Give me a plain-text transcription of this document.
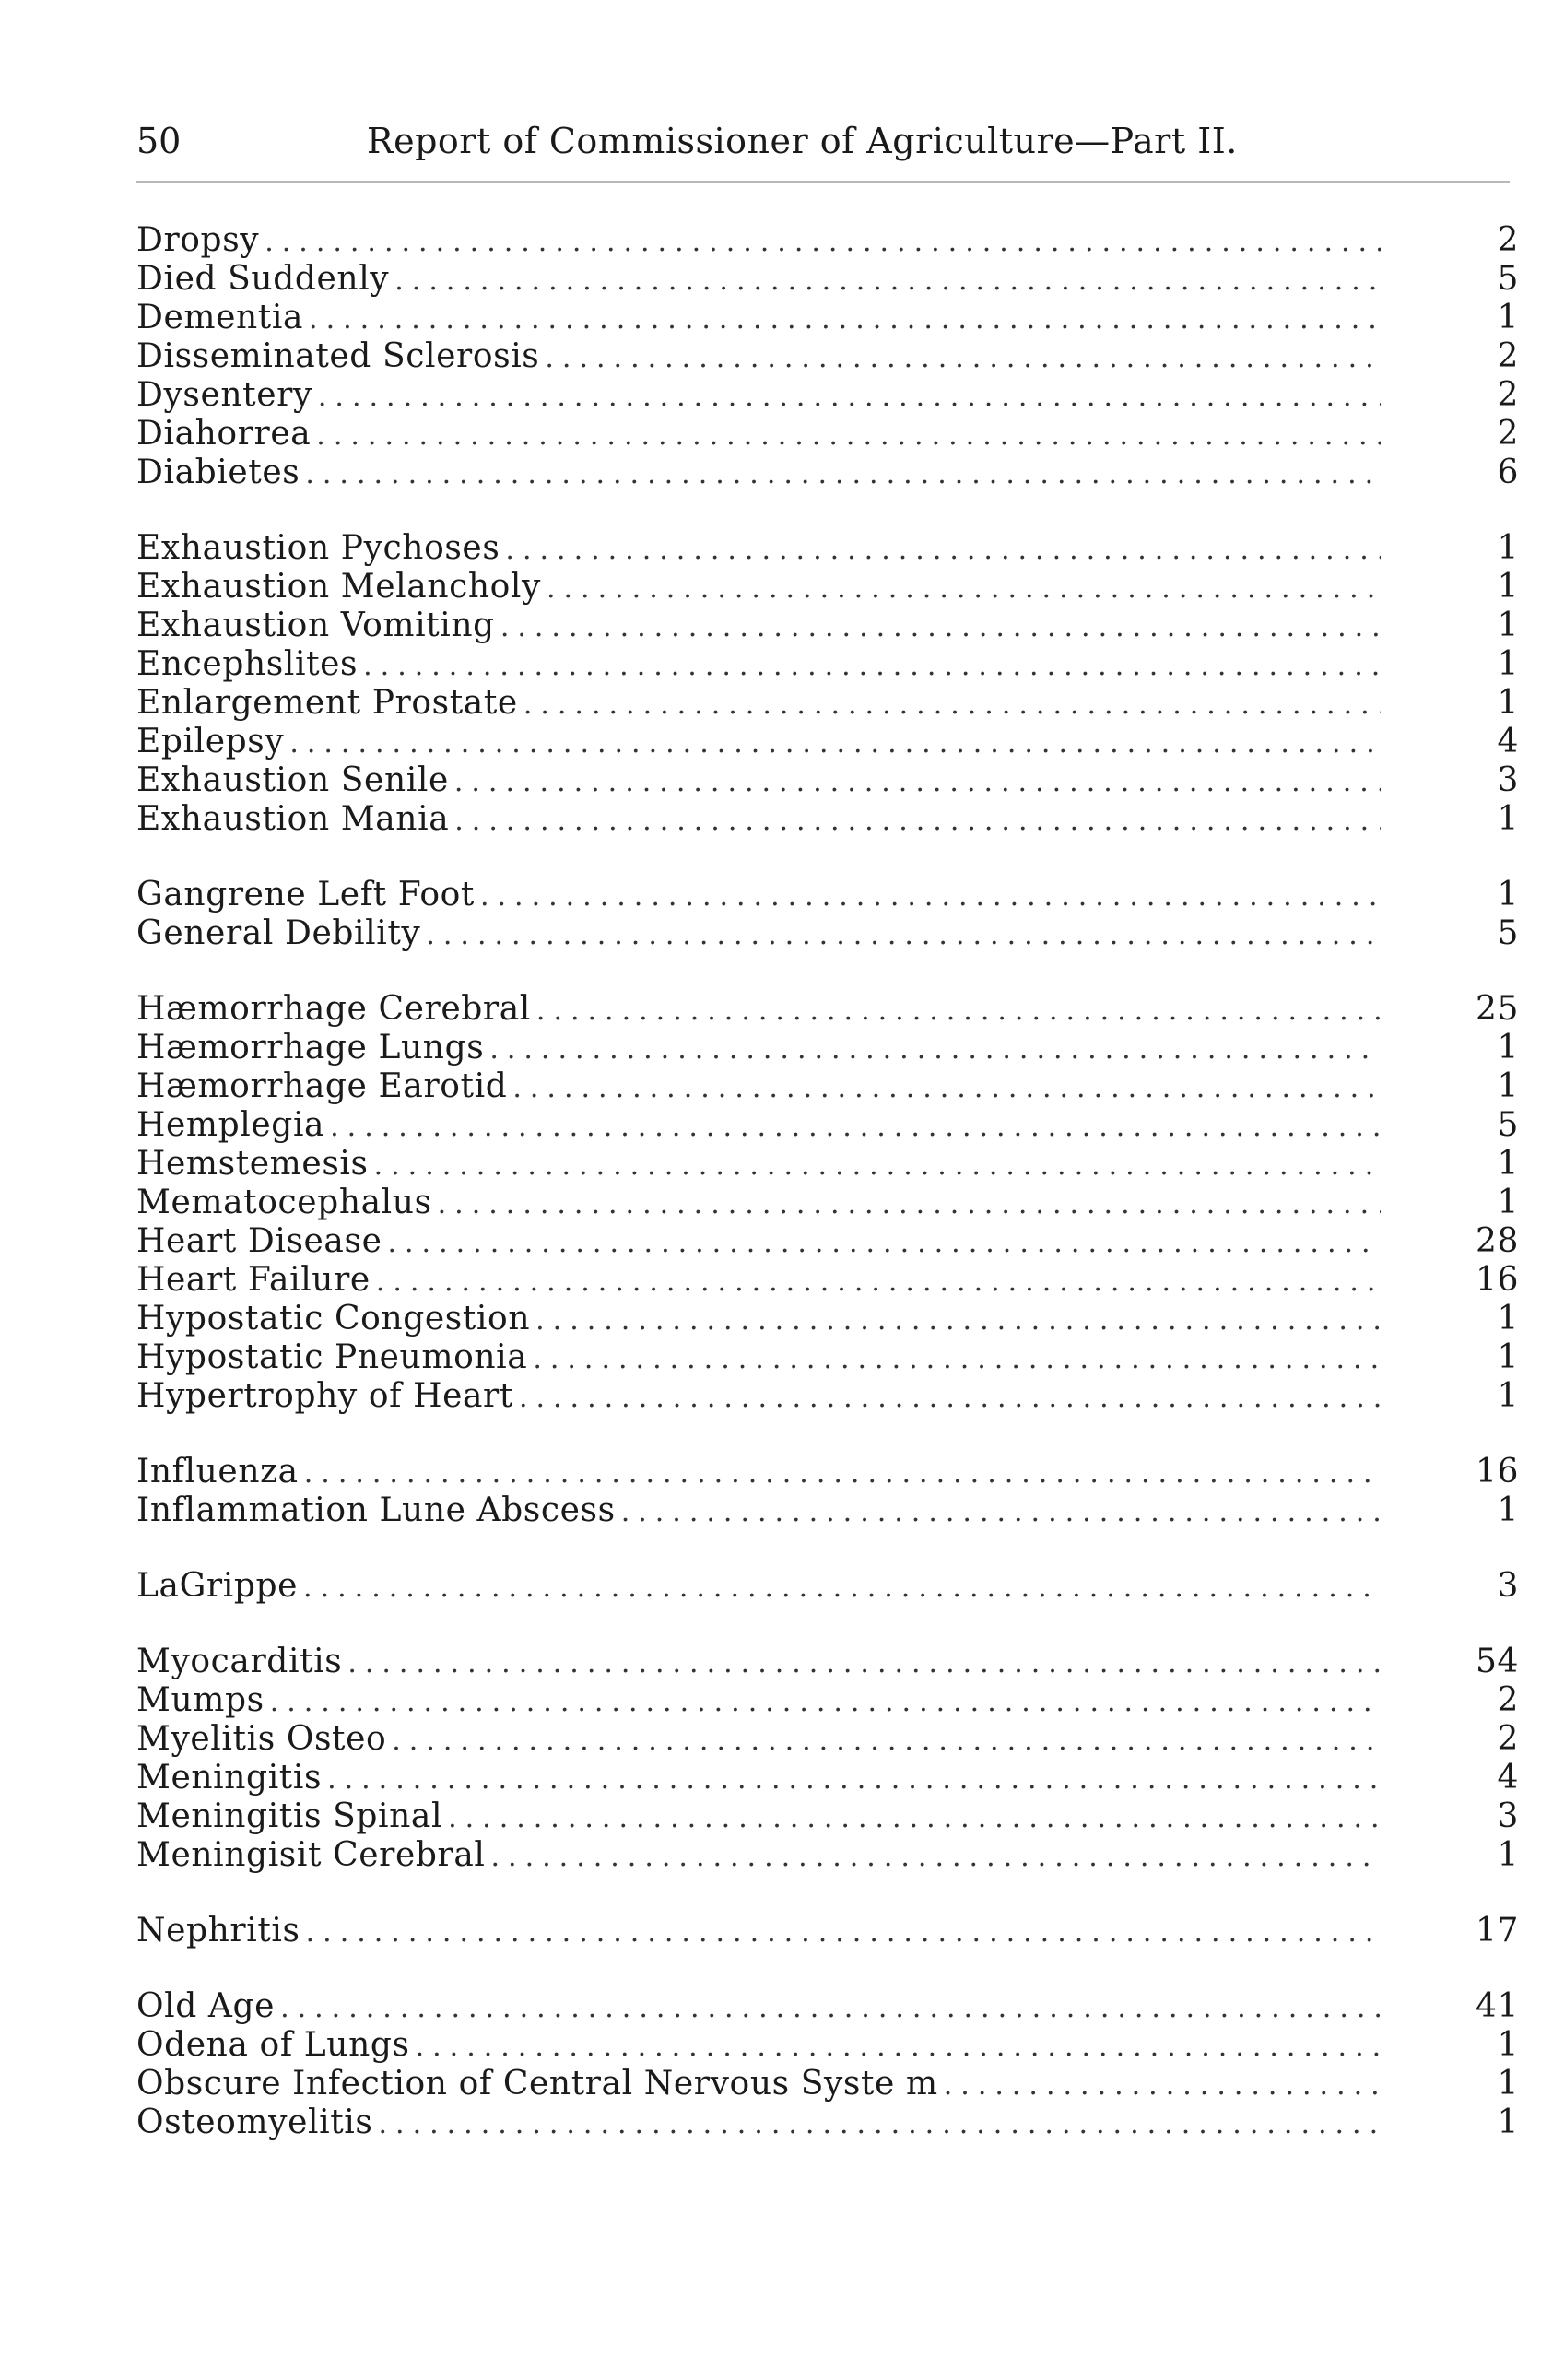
50	Report of Commissioner of Agriculture—Part II.
Dropsy .....	2
Died Suddenly .....	5
Dementia .....	1
Disseminated Sclerosis .....	2
Dysentery .....	2
Diahorrea .....	2
Diabietes .....	6
Exhaustion Pychoses .....	1
Exhaustion Melancholy .....	1
Exhaustion Vomiting .....	1
Encephslites .....	1
Enlargement Prostate .....	1
Epilepsy .....	4
Exhaustion Senile .....	3
Exhaustion Mania .....	1
Gangrene Left Foot .....	1
General Debility .....	5
Hæmorrhage Cerebral .....	25
Hæmorrhage Lungs .....	1
Hæmorrhage Earotid .....	1
Hemplegia .....	5
Hemstemesis .....	1
Mematocephalus .....	1
Heart Disease .....	28
Heart Failure .....	16
Hypostatic Congestion .....	1
Hypostatic Pneumonia .....	1
Hypertrophy of Heart .....	1
Influenza .....	16
Inflammation Lune Abscess .....	1
LaGrippe .....	3
Myocarditis .....	54
Mumps .....	2
Myelitis Osteo .....	2
Meningitis .....	4
Meningitis Spinal .....	3
Meningisit Cerebral .....	1
Nephritis .....	17
Old Age .....	41
Odena of Lungs .....	1
Obscure Infection of Central Nervous Syste m .....	1
Osteomyelitis .....	1
